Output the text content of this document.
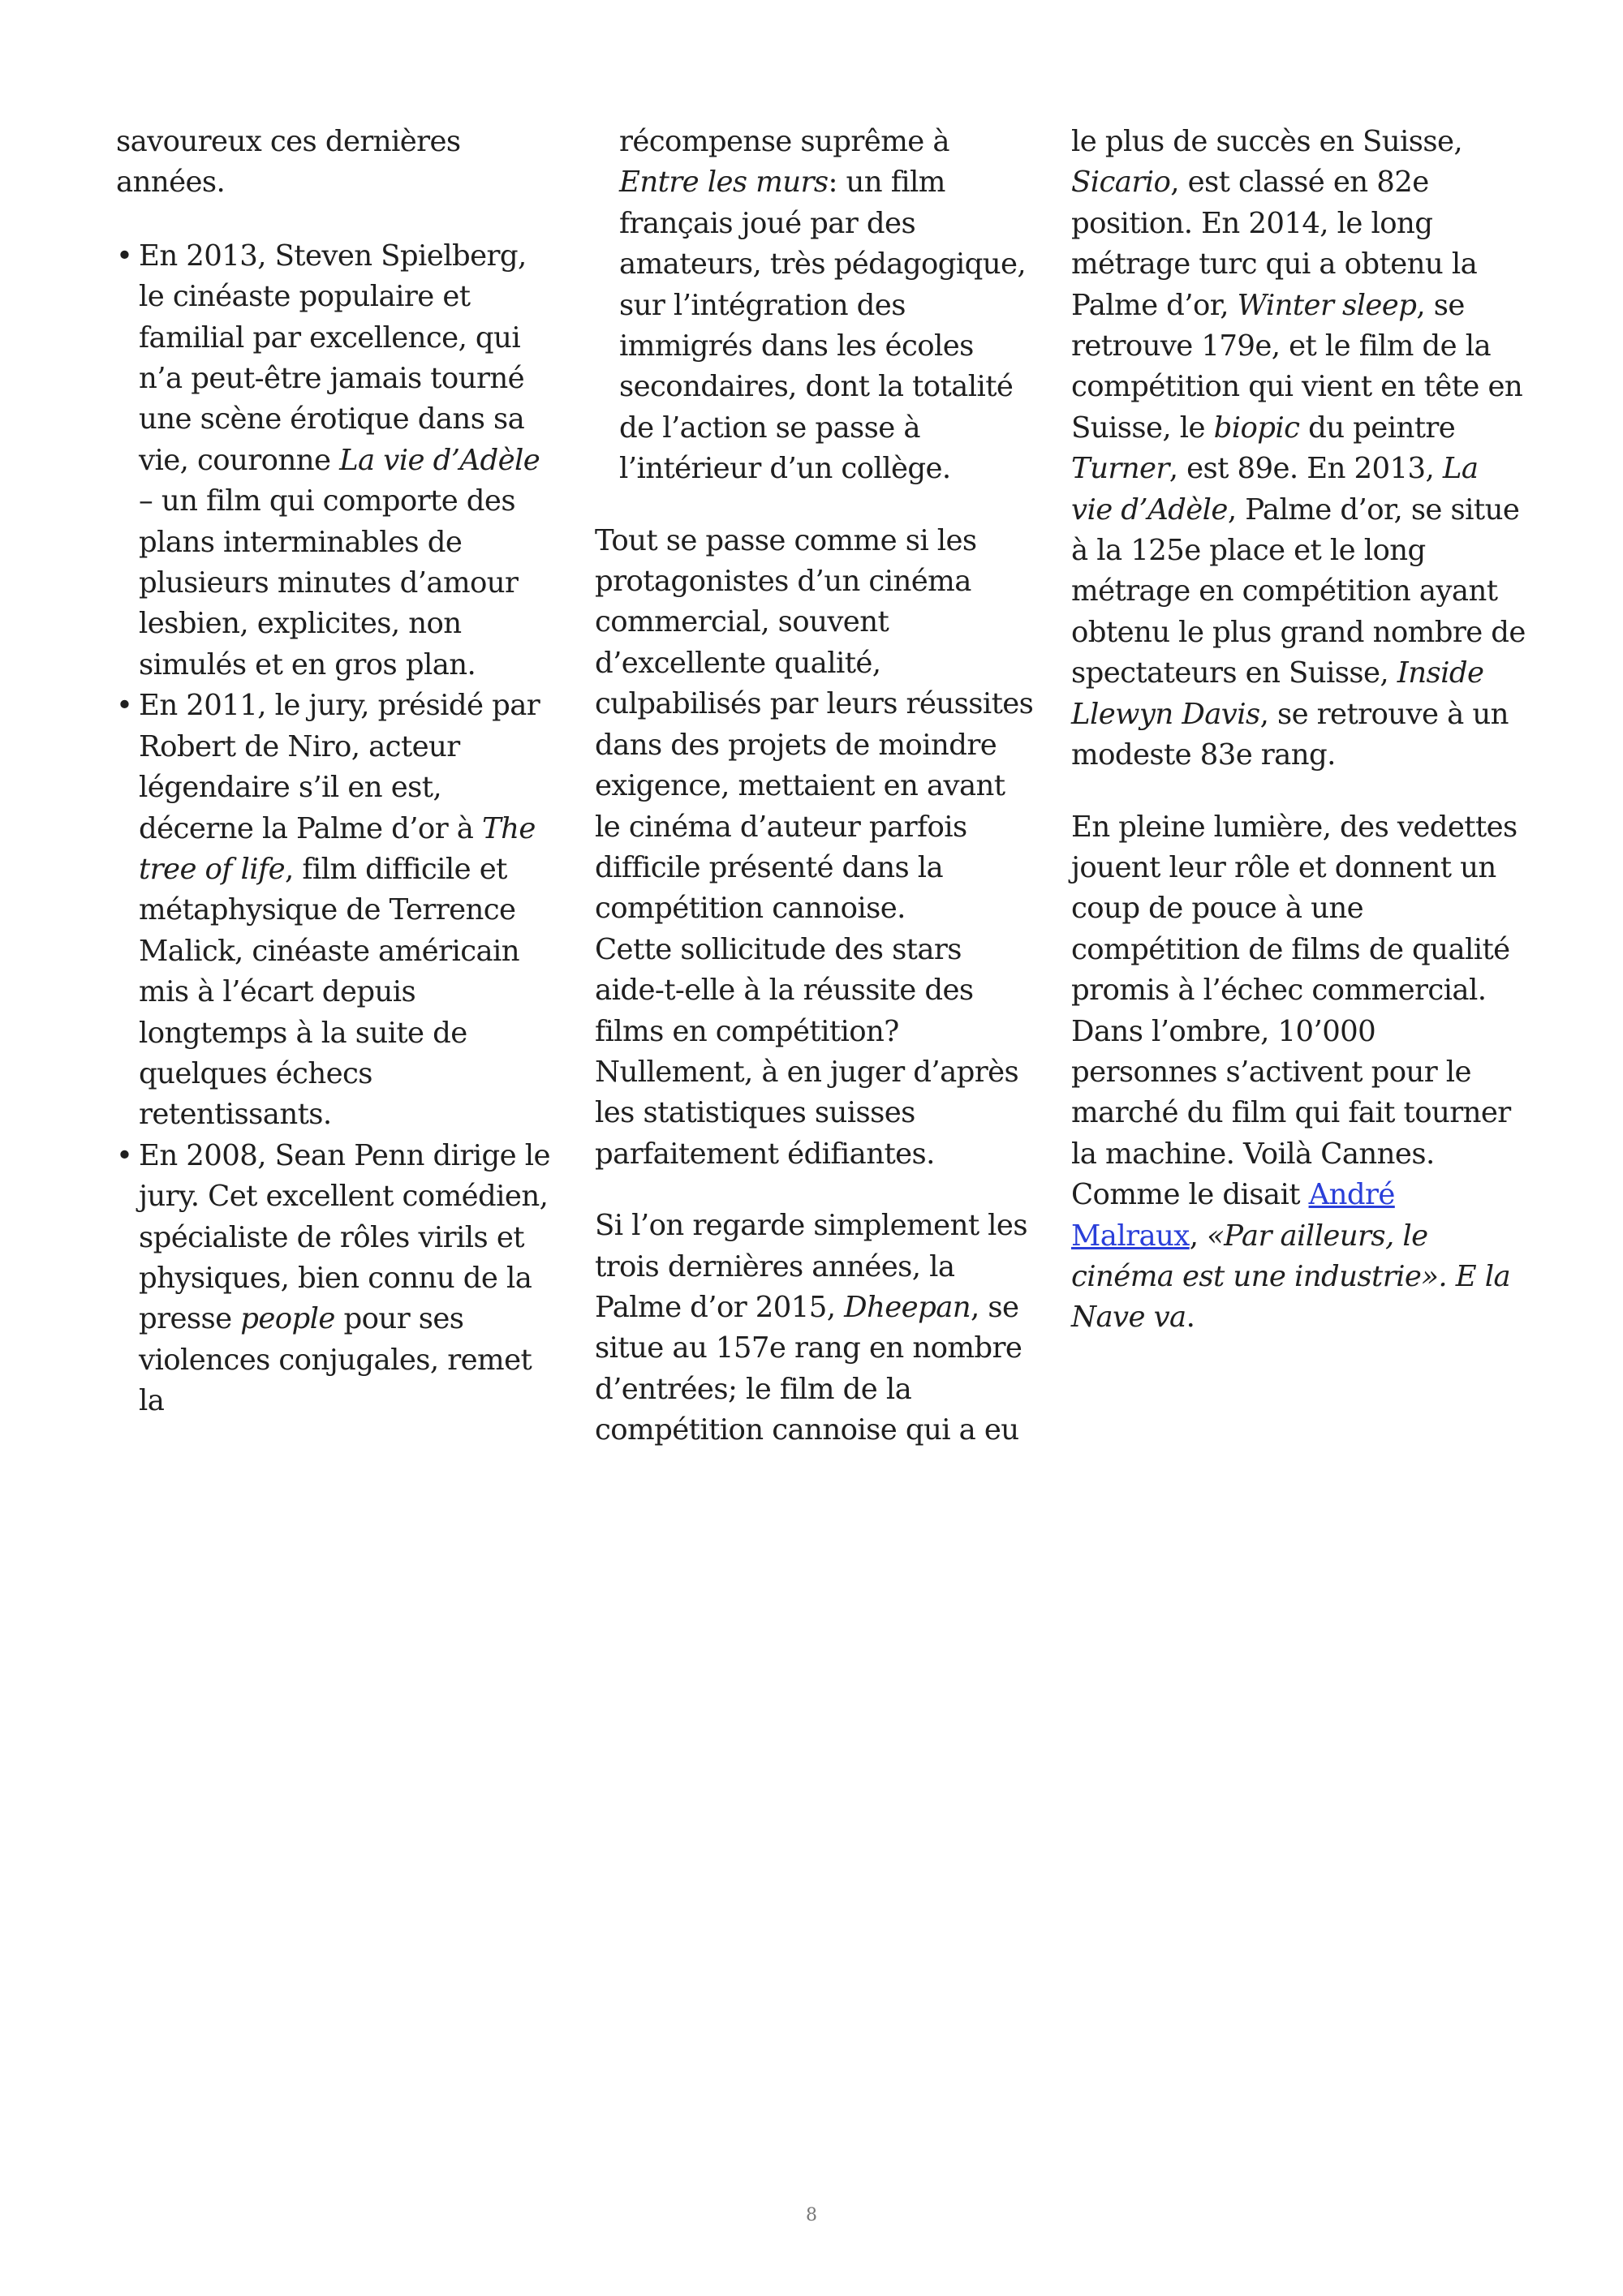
savoureux ces dernières années.

• En 2013, Steven Spielberg, le cinéaste populaire et familial par excellence, qui n’a peut-être jamais tourné une scène érotique dans sa vie, couronne La vie d’Adèle – un film qui comporte des plans interminables de plusieurs minutes d’amour lesbien, explicites, non simulés et en gros plan.
• En 2011, le jury, présidé par Robert de Niro, acteur légendaire s’il en est, décerne la Palme d’or à The tree of life, film difficile et métaphysique de Terrence Malick, cinéaste américain mis à l’écart depuis longtemps à la suite de quelques échecs retentissants.
• En 2008, Sean Penn dirige le jury. Cet excellent comédien, spécialiste de rôles virils et physiques, bien connu de la presse people pour ses violences conjugales, remet la

récompense suprême à Entre les murs: un film français joué par des amateurs, très pédagogique, sur l’intégration des immigrés dans les écoles secondaires, dont la totalité de l’action se passe à l’intérieur d’un collège.

Tout se passe comme si les protagonistes d’un cinéma commercial, souvent d’excellente qualité, culpabilisés par leurs réussites dans des projets de moindre exigence, mettaient en avant le cinéma d’auteur parfois difficile présenté dans la compétition cannoise.

Cette sollicitude des stars aide-t-elle à la réussite des films en compétition? Nullement, à en juger d’après les statistiques suisses parfaitement édifiantes.

Si l’on regarde simplement les trois dernières années, la Palme d’or 2015, Dheepan, se situe au 157e rang en nombre d’entrées; le film de la compétition cannoise qui a eu

le plus de succès en Suisse, Sicario, est classé en 82e position. En 2014, le long métrage turc qui a obtenu la Palme d’or, Winter sleep, se retrouve 179e, et le film de la compétition qui vient en tête en Suisse, le biopic du peintre Turner, est 89e. En 2013, La vie d’Adèle, Palme d’or, se situe à la 125e place et le long métrage en compétition ayant obtenu le plus grand nombre de spectateurs en Suisse, Inside Llewyn Davis, se retrouve à un modeste 83e rang.

En pleine lumière, des vedettes jouent leur rôle et donnent un coup de pouce à une compétition de films de qualité promis à l’échec commercial. Dans l’ombre, 10’000 personnes s’activent pour le marché du film qui fait tourner la machine. Voilà Cannes.

Comme le disait André Malraux, «Par ailleurs, le cinéma est une industrie». E la Nave va.

8
